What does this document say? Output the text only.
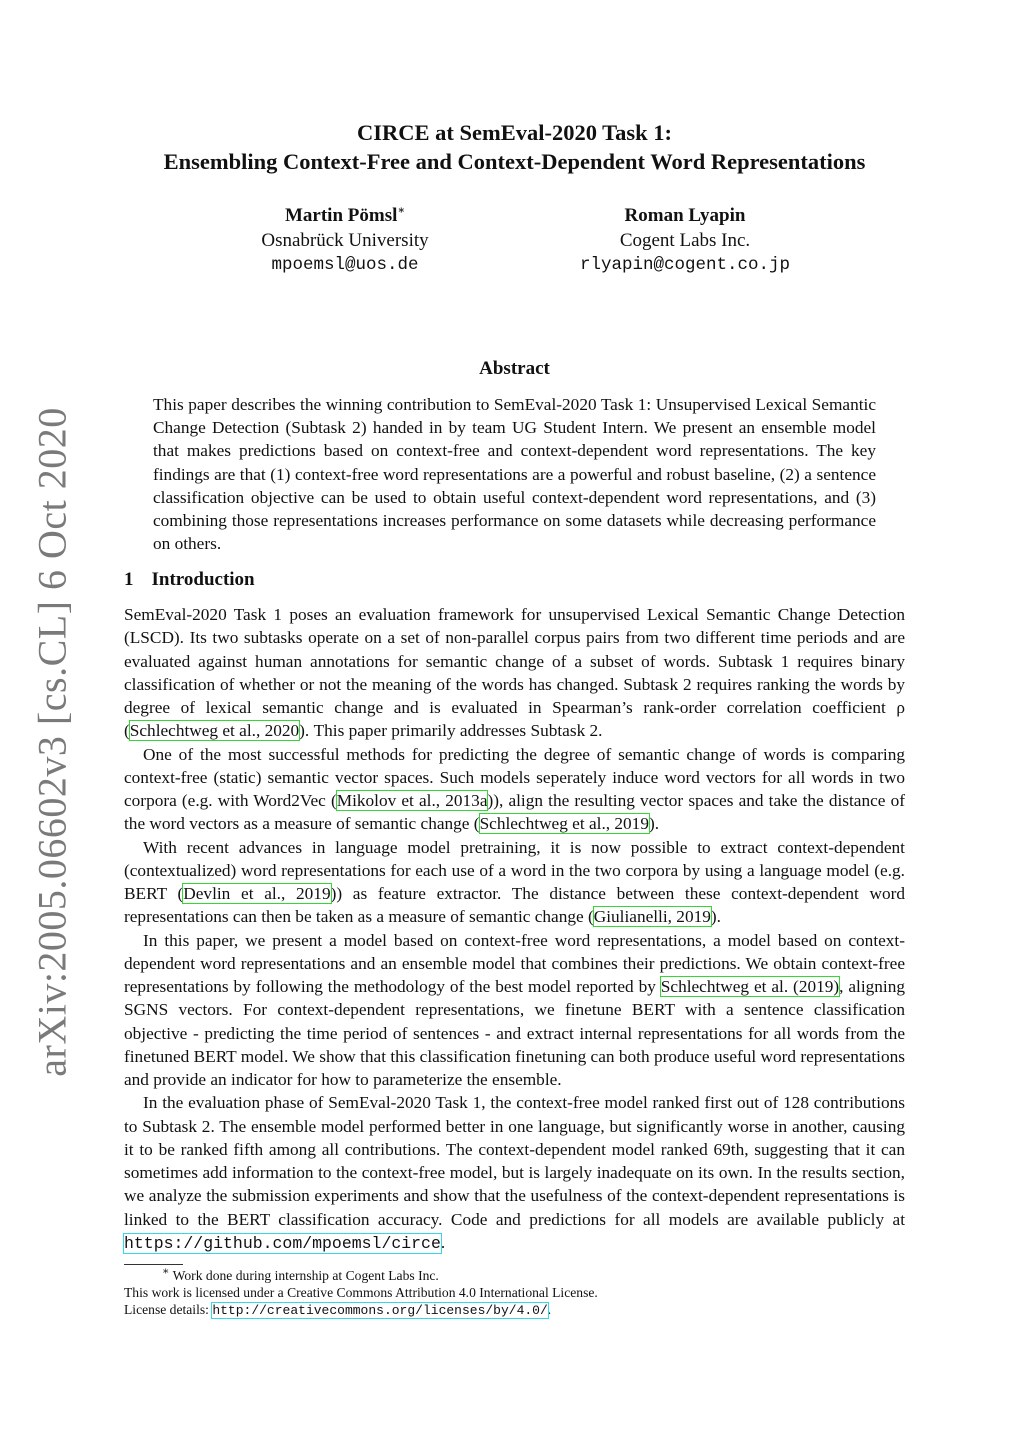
arXiv:2005.06602v3 [cs.CL] 6 Oct 2020
CIRCE at SemEval-2020 Task 1:
Ensembling Context-Free and Context-Dependent Word Representations
Martin Pömsl∗
Osnabrück University
mpoemsl@uos.de
Roman Lyapin
Cogent Labs Inc.
rlyapin@cogent.co.jp
Abstract

This paper describes the winning contribution to SemEval-2020 Task 1: Unsupervised Lexical Semantic Change Detection (Subtask 2) handed in by team UG Student Intern. We present an ensemble model that makes predictions based on context-free and context-dependent word representations. The key findings are that (1) context-free word representations are a powerful and robust baseline, (2) a sentence classification objective can be used to obtain useful context-dependent word representations, and (3) combining those representations increases performance on some datasets while decreasing performance on others.

1 Introduction

SemEval-2020 Task 1 poses an evaluation framework for unsupervised Lexical Semantic Change Detection (LSCD). Its two subtasks operate on a set of non-parallel corpus pairs from two different time periods and are evaluated against human annotations for semantic change of a subset of words. Subtask 1 requires binary classification of whether or not the meaning of the words has changed. Subtask 2 requires ranking the words by degree of lexical semantic change and is evaluated in Spearman’s rank-order correlation coefficient ρ (Schlechtweg et al., 2020). This paper primarily addresses Subtask 2.

One of the most successful methods for predicting the degree of semantic change of words is comparing context-free (static) semantic vector spaces. Such models seperately induce word vectors for all words in two corpora (e.g. with Word2Vec (Mikolov et al., 2013a)), align the resulting vector spaces and take the distance of the word vectors as a measure of semantic change (Schlechtweg et al., 2019).

With recent advances in language model pretraining, it is now possible to extract context-dependent (contextualized) word representations for each use of a word in the two corpora by using a language model (e.g. BERT (Devlin et al., 2019)) as feature extractor. The distance between these context-dependent word representations can then be taken as a measure of semantic change (Giulianelli, 2019).

In this paper, we present a model based on context-free word representations, a model based on context-dependent word representations and an ensemble model that combines their predictions. We obtain context-free representations by following the methodology of the best model reported by Schlechtweg et al. (2019), aligning SGNS vectors. For context-dependent representations, we finetune BERT with a sentence classification objective - predicting the time period of sentences - and extract internal representations for all words from the finetuned BERT model. We show that this classification finetuning can both produce useful word representations and provide an indicator for how to parameterize the ensemble.

In the evaluation phase of SemEval-2020 Task 1, the context-free model ranked first out of 128 contributions to Subtask 2. The ensemble model performed better in one language, but significantly worse in another, causing it to be ranked fifth among all contributions. The context-dependent model ranked 69th, suggesting that it can sometimes add information to the context-free model, but is largely inadequate on its own. In the results section, we analyze the submission experiments and show that the usefulness of the context-dependent representations is linked to the BERT classification accuracy. Code and predictions for all models are available publicly at https://github.com/mpoemsl/circe.

∗ Work done during internship at Cogent Labs Inc.
This work is licensed under a Creative Commons Attribution 4.0 International License.
License details: http://creativecommons.org/licenses/by/4.0/.
